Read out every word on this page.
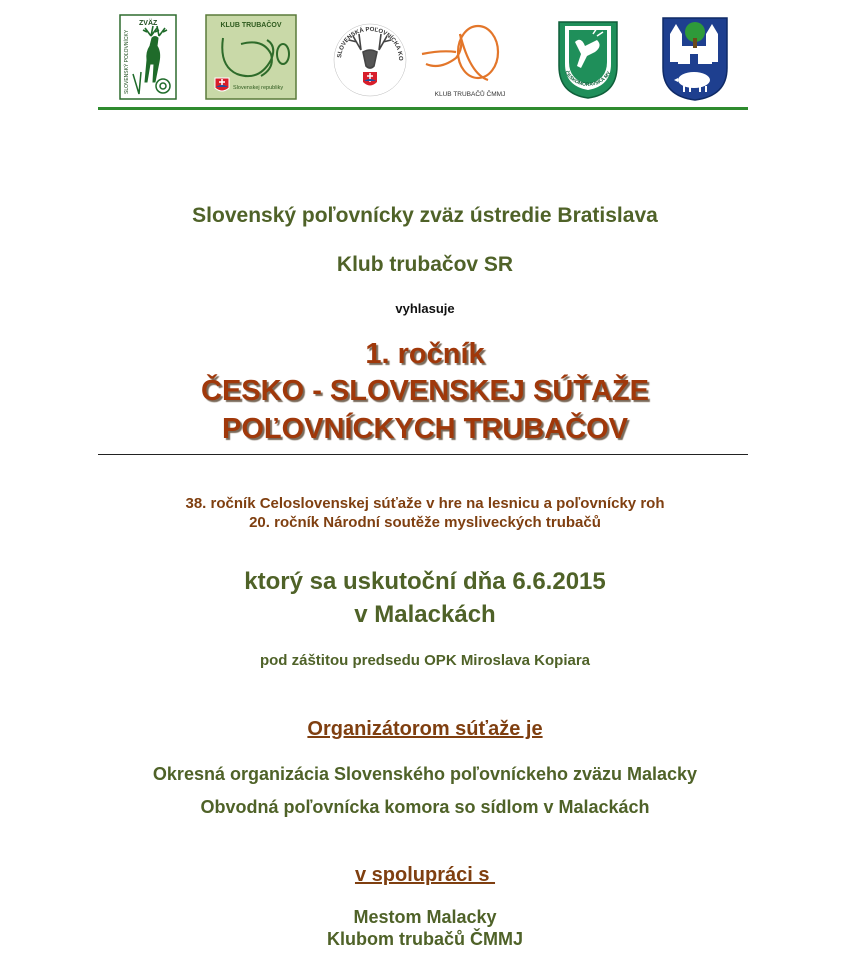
ZVÄZ
SLOVENSKÝ POĽOVNÍCKY
KLUB TRUBAČOV
Slovenskej republiky
SLOVENSKÁ POĽOVNÍCKA KO
KLUB TRUBAČŮ ČMMJ
ČESKOMORAVSKÁ MY
Slovenský poľovnícky zväz ústredie Bratislava
Klub trubačov SR
vyhlasuje
1. ročník
ČESKO - SLOVENSKEJ SÚŤAŽE
POĽOVNÍCKYCH TRUBAČOV
38. ročník Celoslovenskej súťaže v hre na lesnicu a poľovnícky roh
20. ročník Národní soutěže mysliveckých trubačů
ktorý sa uskutoční dňa 6.6.2015
v Malackách
pod záštitou predsedu OPK Miroslava Kopiara
Organizátorom súťaže je
Okresná organizácia Slovenského poľovníckeho zväzu Malacky
Obvodná poľovnícka komora so sídlom v Malackách
v spolupráci s
Mestom Malacky
Klubom trubačů ČMMJ
